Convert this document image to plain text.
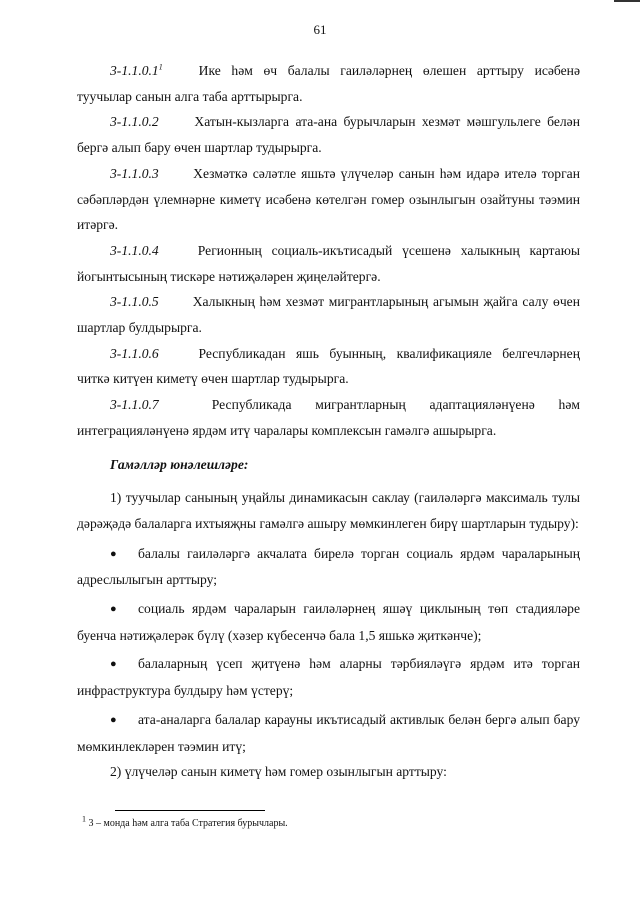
61

3-1.1.0.1$^1$	Ике һәм өч балалы гаиләләрнең өлешен арттыру исәбенә туучылар санын алга таба арттырырга.

3-1.1.0.2	Хатын-кызларга ата-ана бурычларын хезмәт мәшгульлеге белән бергә алып бару өчен шартлар тудырырга.

3-1.1.0.3	Хезмәткә сәләтле яшьтә үлүчеләр санын һәм идарә ителә торган сәбәпләрдән үлемнәрне киметү исәбенә көтелгән гомер озынлыгын озайтуны тәэмин итәргә.

3-1.1.0.4	Регионның социаль-икътисадый үсешенә халыкның картаюы йогынтысының тискәре нәтиҗәләрен җиңеләйтергә.

3-1.1.0.5 Халыкның һәм хезмәт мигрантларының агымын җайга салу өчен шартлар булдырырга.

3-1.1.0.6	Республикадан яшь буынның, квалификацияле белгечләрнең читкә китүен киметү өчен шартлар тудырырга.

3-1.1.0.7	Республикада мигрантларның адаптацияләнүенә һәм интеграцияләнүенә ярдәм итү чаралары комплексын гамәлгә ашырырга.

Гамәлләр юнәлешләре:

1) туучылар санының уңайлы динамикасын саклау (гаиләләргә максималь тулы дәрәҗәдә балаларга ихтыяҗны гамәлгә ашыру мөмкинлеген бирү шартларын тудыру):

● балалы гаиләләргә акчалата бирелә торган социаль ярдәм чараларының адреслылыгын арттыру;

● социаль ярдәм чараларын гаиләләрнең яшәү циклының төп стадияләре буенча нәтиҗәлерәк бүлү (хәзер күбесенчә бала 1,5 яшькә җиткәнче);

● балаларның үсеп җитүенә һәм аларны тәрбияләүгә ярдәм итә торган инфраструктура булдыру һәм үстерү;

● ата-аналарга балалар карауны икътисадый активлык белән бергә алып бару мөмкинлекләрен тәэмин итү;

2) үлүчеләр санын киметү һәм гомер озынлыгын арттыру:

$^1$ 3 – монда һәм алга таба Стратегия бурычлары.
